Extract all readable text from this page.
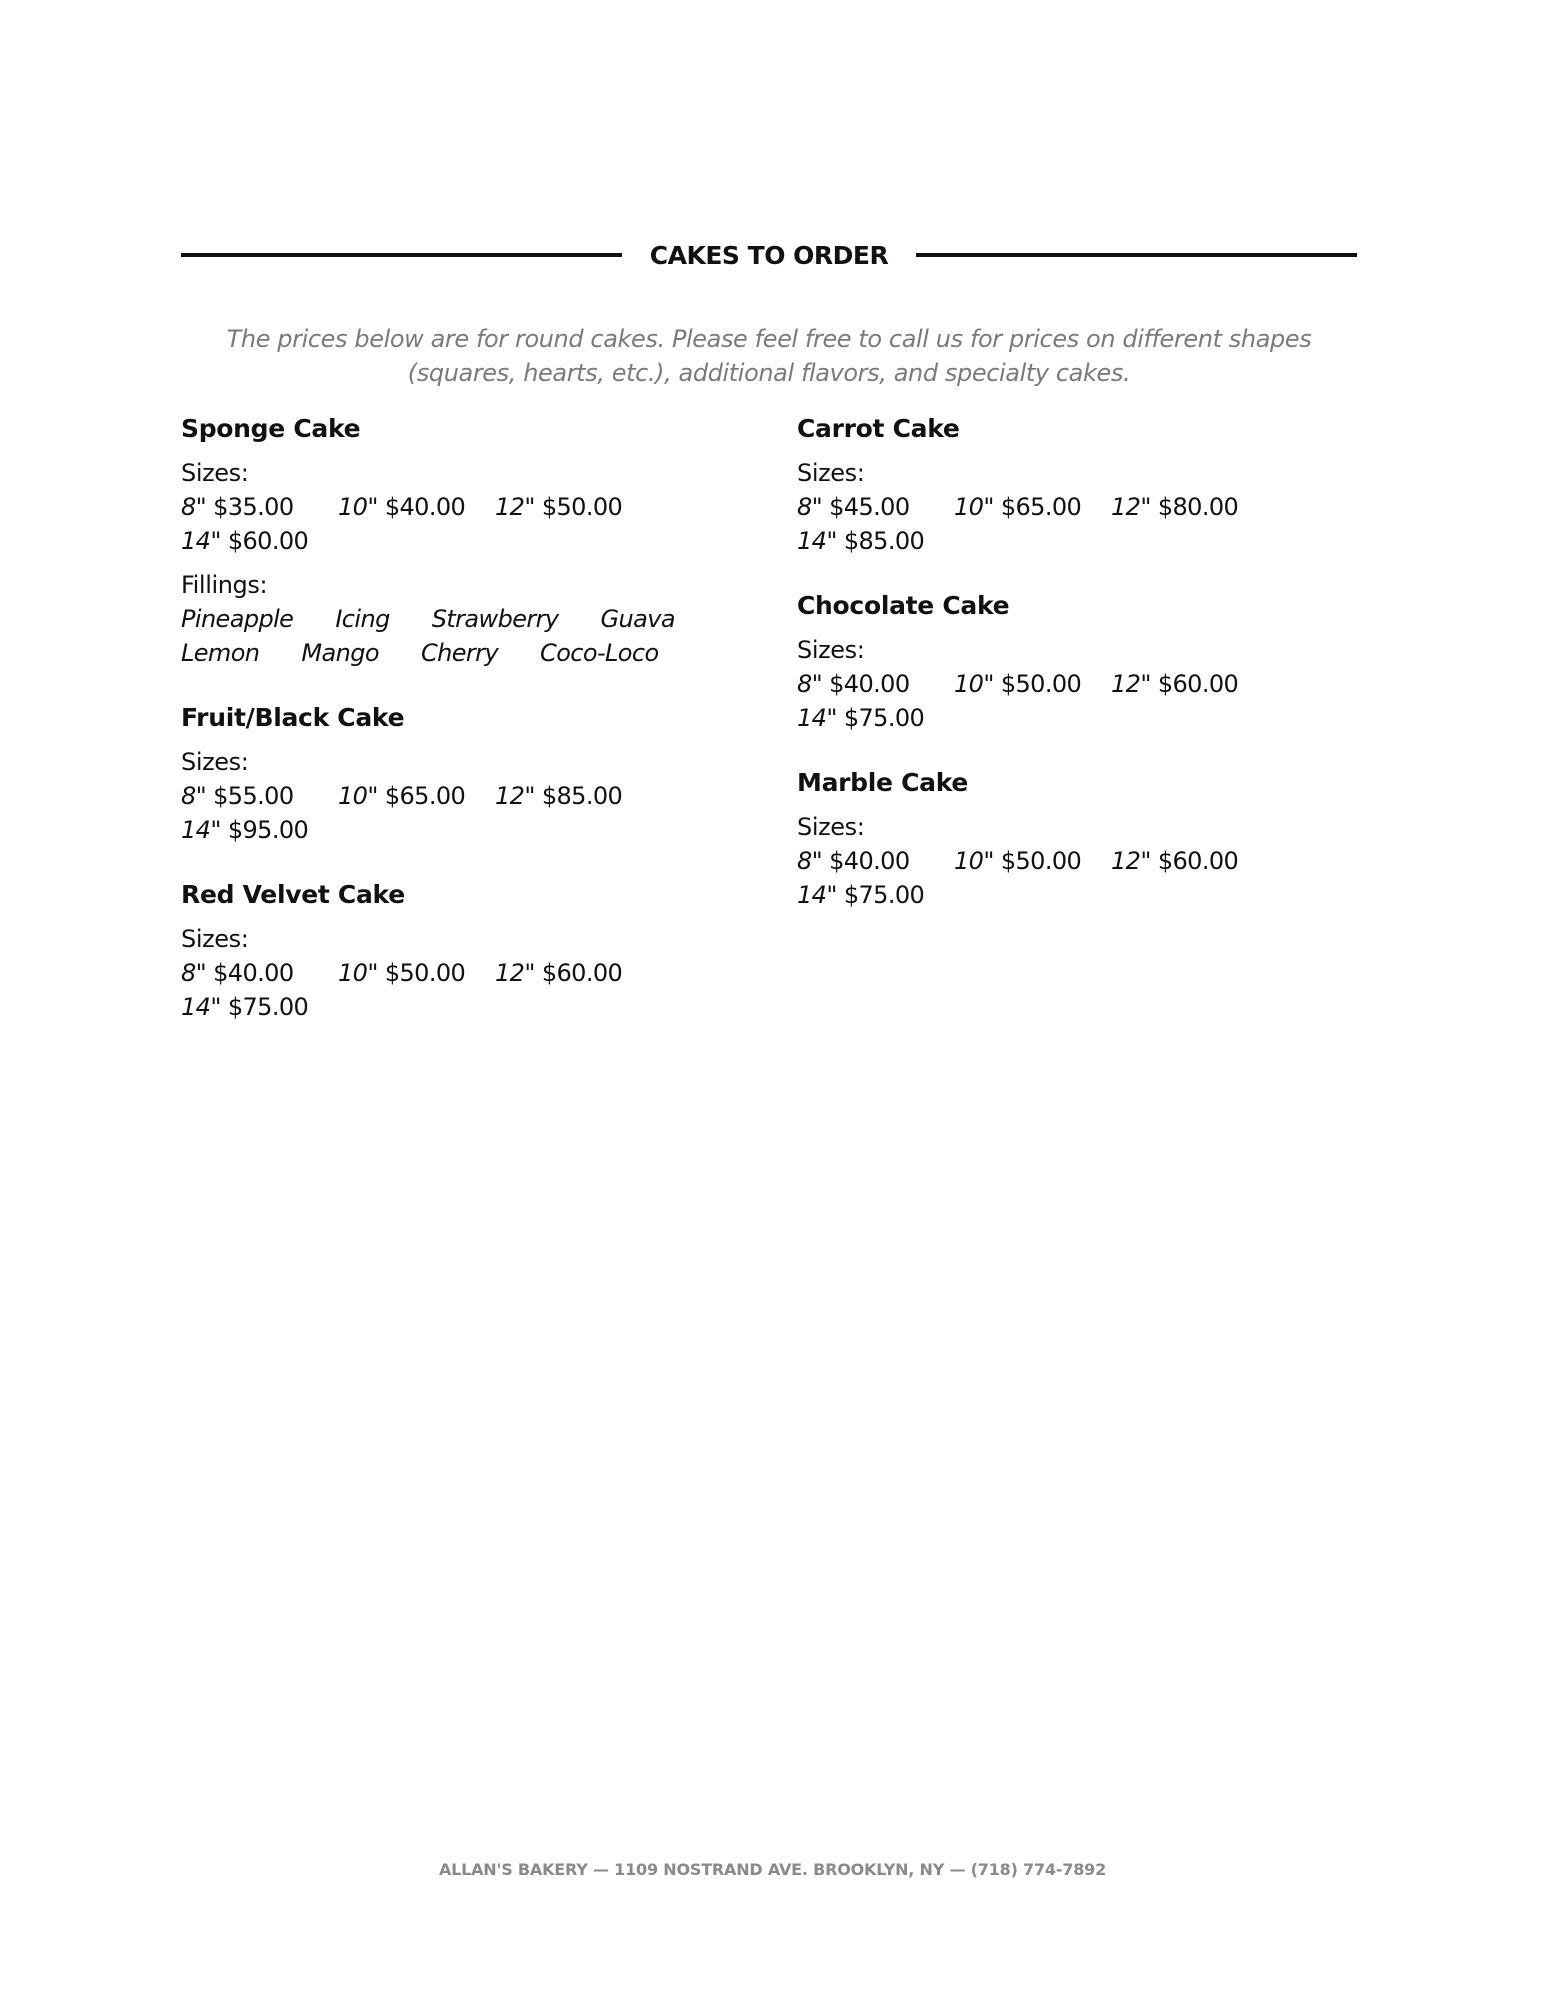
CAKES TO ORDER
The prices below are for round cakes. Please feel free to call us for prices on different shapes (squares, hearts, etc.), additional flavors, and specialty cakes.
Sponge Cake
Sizes:
8" $35.00	10" $40.00	12" $50.00
14" $60.00
Fillings:
Pineapple Icing Strawberry Guava
Lemon Mango Cherry Coco-Loco
Fruit/Black Cake
Sizes:
8" $55.00	10" $65.00	12" $85.00
14" $95.00
Red Velvet Cake
Sizes:
8" $40.00	10" $50.00	12" $60.00
14" $75.00
Carrot Cake
Sizes:
8" $45.00	10" $65.00	12" $80.00
14" $85.00
Chocolate Cake
Sizes:
8" $40.00	10" $50.00	12" $60.00
14" $75.00
Marble Cake
Sizes:
8" $40.00	10" $50.00	12" $60.00
14" $75.00
ALLAN'S BAKERY — 1109 NOSTRAND AVE. BROOKLYN, NY — (718) 774-7892
